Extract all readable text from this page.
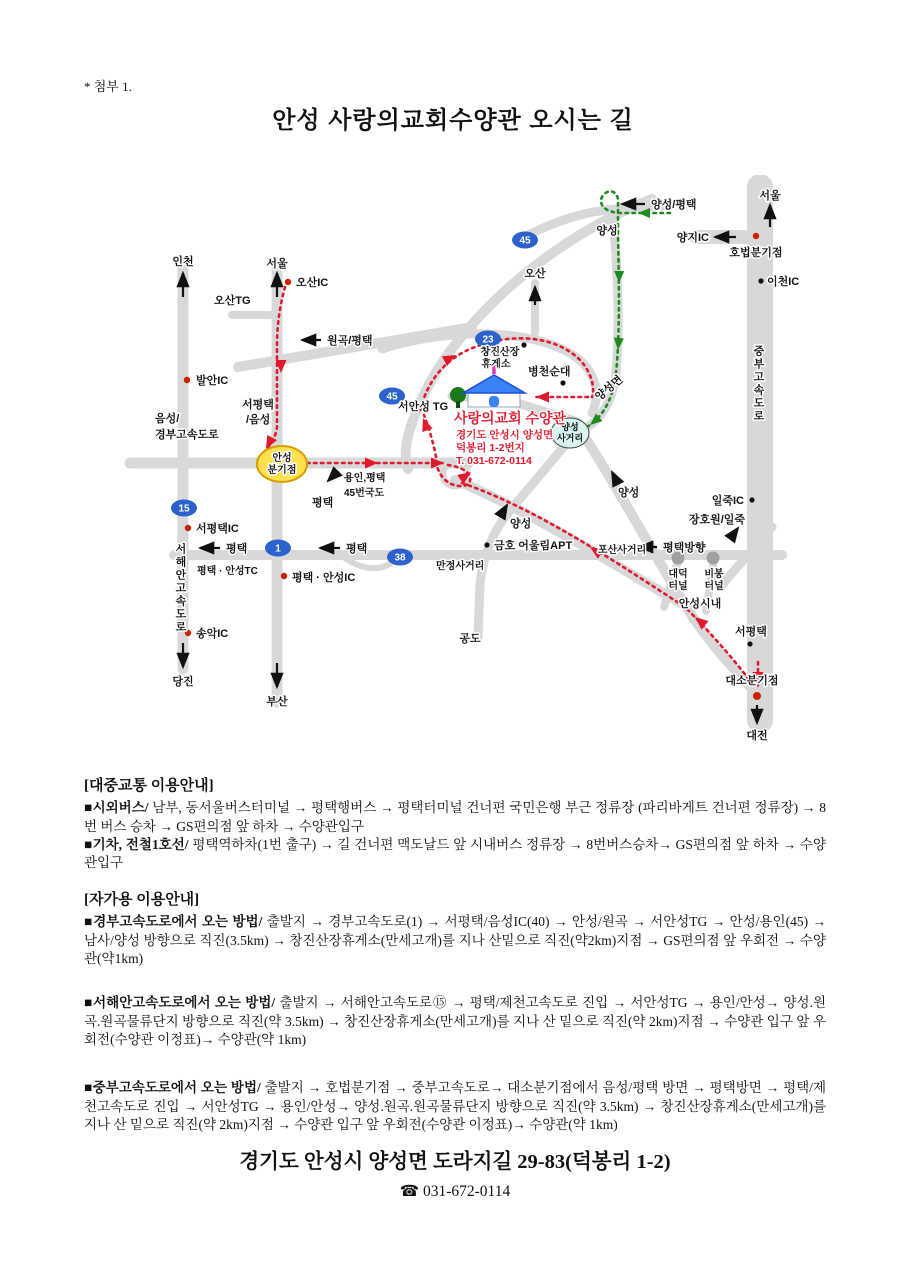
* 첨부 1.
안성 사랑의교회수양관 오시는 길
45
23
45
15
1
38
안성
분기점
양성
사거리
인천	서울
오산IC
오산TG
원곡/평택
발안IC
음성/
경부고속도로
서평택
/음성
서해안고속도로
서평택IC
평택	평택
평택 · 안성TC
평택 · 안성IC
송악IC
당진
부산
용인,평택
45번국도
평택
만정사거리
공도
오산
창진산장
휴게소
병천순대
서안성 TG
양성면
금호 어울림APT
양성
양성
포산사거리 평택방향
대덕
터널
비봉
터널
안성시내
일죽IC
장호원/일죽
서울
양지IC
호법분기점
이천IC
중부고속도로
서평택
대소분기점
대전
양성/평택
양성
사랑의교회 수양관
경기도 안성시 양성면
덕봉리 1-2번지
T. 031-672-0114
[대중교통 이용안내]

■시외버스/ 남부, 동서울버스터미널 → 평택행버스 → 평택터미널 건너편 국민은행 부근 정류장 (파리바게트 건너편 정류장) → 8번 버스 승차 → GS편의점 앞 하차 → 수양관입구

■기차, 전철1호선/ 평택역하차(1번 출구) → 길 건너편 맥도날드 앞 시내버스 정류장 → 8번버스승차→ GS편의점 앞 하차 → 수양관입구

[자가용 이용안내]

■경부고속도로에서 오는 방법/ 출발지 → 경부고속도로(1) → 서평택/음성IC(40) → 안성/원곡 → 서안성TG → 안성/용인(45) → 남사/양성 방향으로 직진(3.5km) → 창진산장휴게소(만세고개)를 지나 산밑으로 직진(약2km)지점 → GS편의점 앞 우회전 → 수양관(약1km)

■서해안고속도로에서 오는 방법/ 출발지 → 서해안고속도로⑮ → 평택/제천고속도로 진입 → 서안성TG → 용인/안성→ 양성.원곡.원곡물류단지 방향으로 직진(약 3.5km) → 창진산장휴게소(만세고개)를 지나 산 밑으로 직진(약 2km)지점 → 수양관 입구 앞 우회전(수양관 이정표)→ 수양관(약 1km)

■중부고속도로에서 오는 방법/ 출발지 → 호법분기점 → 중부고속도로→ 대소분기점에서 음성/평택 방면 → 평택방면 → 평택/제천고속도로 진입 → 서안성TG → 용인/안성→ 양성.원곡.원곡물류단지 방향으로 직진(약 3.5km) → 창진산장휴게소(만세고개)를 지나 산 밑으로 직진(약 2km)지점 → 수양관 입구 앞 우회전(수양관 이정표)→ 수양관(약 1km)

경기도 안성시 양성면 도라지길 29-83(덕봉리 1-2)
☎ 031-672-0114
